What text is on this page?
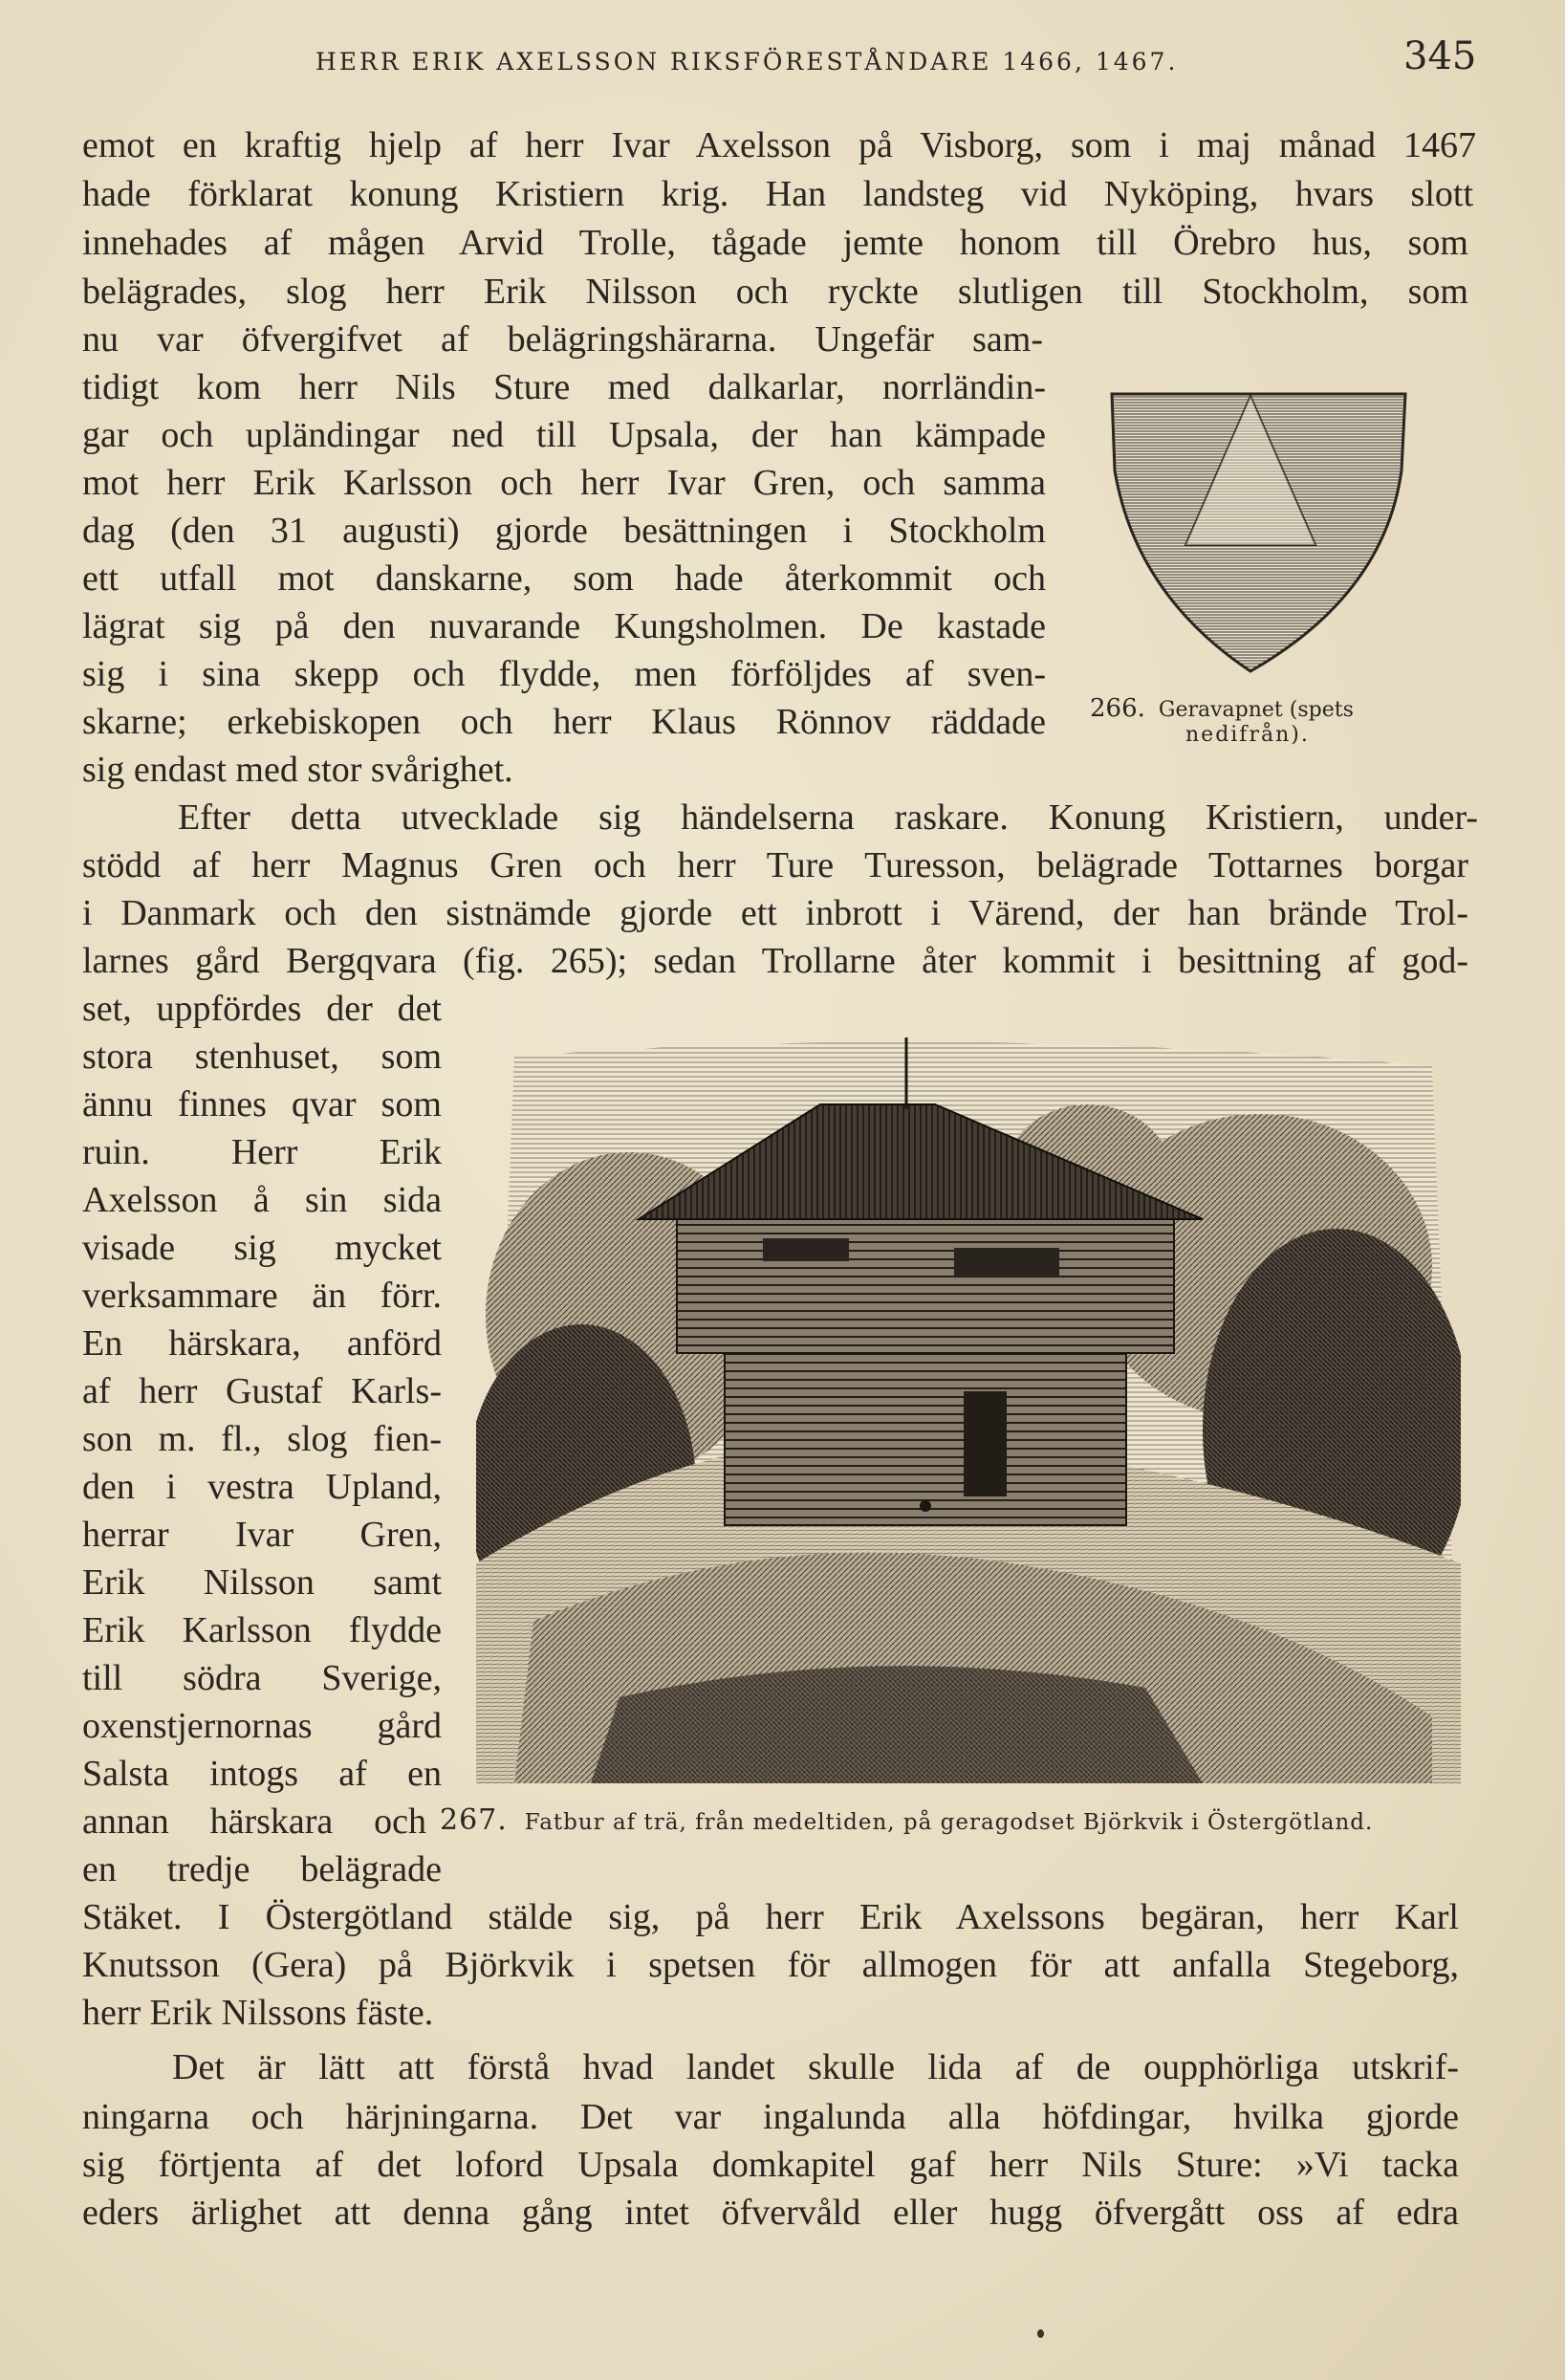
HERR ERIK AXELSSON RIKSFÖRESTÅNDARE 1466, 1467.	345
emot en kraftig hjelp af herr Ivar Axelsson på Visborg, som i maj månad 1467
hade förklarat konung Kristiern krig. Han landsteg vid Nyköping, hvars slott
innehades af mågen Arvid Trolle, tågade jemte honom till Örebro hus, som
belägrades, slog herr Erik Nilsson och ryckte slutligen till Stockholm, som
nu var öfvergifvet af belägringshärarna. Ungefär sam-
tidigt kom herr Nils Sture med dalkarlar, norrländin-
gar och upländingar ned till Upsala, der han kämpade
mot herr Erik Karlsson och herr Ivar Gren, och samma
dag (den 31 augusti) gjorde besättningen i Stockholm
ett utfall mot danskarne, som hade återkommit och
lägrat sig på den nuvarande Kungsholmen. De kastade
sig i sina skepp och flydde, men förföljdes af sven-
skarne; erkebiskopen och herr Klaus Rönnov räddade
sig endast med stor svårighet.
266. Geravapnet (spets
nedifrån).
Efter detta utvecklade sig händelserna raskare. Konung Kristiern, under-
stödd af herr Magnus Gren och herr Ture Turesson, belägrade Tottarnes borgar
i Danmark och den sistnämde gjorde ett inbrott i Värend, der han brände Trol-
larnes gård Bergqvara (fig. 265); sedan Trollarne åter kommit i besittning af god-
set, uppfördes der det
stora stenhuset, som
ännu finnes qvar som
ruin. Herr Erik
Axelsson å sin sida
visade sig mycket
verksammare än förr.
En härskara, anförd
af herr Gustaf Karls-
son m. fl., slog fien-
den i vestra Upland,
herrar Ivar Gren,
Erik Nilsson samt
Erik Karlsson flydde
till södra Sverige,
oxenstjernornas gård
Salsta intogs af en
annan härskara och
en tredje belägrade
267. Fatbur af trä, från medeltiden, på geragodset Björkvik i Östergötland.
Stäket. I Östergötland stälde sig, på herr Erik Axelssons begäran, herr Karl
Knutsson (Gera) på Björkvik i spetsen för allmogen för att anfalla Stegeborg,
herr Erik Nilssons fäste.
Det är lätt att förstå hvad landet skulle lida af de oupphörliga utskrif-
ningarna och härjningarna. Det var ingalunda alla höfdingar, hvilka gjorde
sig förtjenta af det loford Upsala domkapitel gaf herr Nils Sture: »Vi tacka
eders ärlighet att denna gång intet öfvervåld eller hugg öfvergått oss af edra
